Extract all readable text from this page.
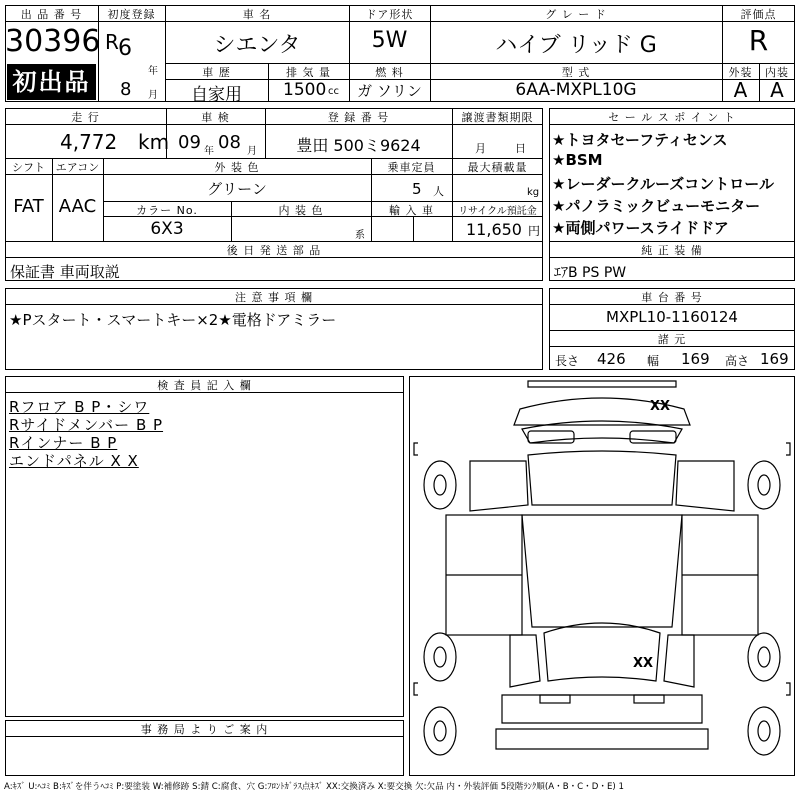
出 品 番 号
30396
初出品
初度登録
R 6
年
8 月
車 名
シエンタ
ドア形状
5W
グ レ ー ド
ハイブ リッド G
評価点
R
外装	内装
A	A
車 歴
自家用
排 気 量
1500 cc
燃 料
ガ ソリン
型 式
6AA-MXPL10G
走 行
4,772 km
車 検
09 年 08 月
登 録 番 号
豊田 500ミ9624
譲渡書類期限
月	日
シフト
FAT
エアコン
AAC
外 装 色
グリーン
乗車定員
5 人
最大積載量
kg
カラー No.
6X3
内 装 色
系
輸 入 車	リサイクル預託金
11,650 円
後 日 発 送 部 品
保証書 車両取説
セ ー ル ス ポ イ ン ト
★トヨタセーフティセンス
★BSM
★レーダークルーズコントロール
★パノラミックビューモニター
★両側パワースライドドア
純 正 装 備
ｴｱB PS PW
注 意 事 項 欄
★Pスタート・スマートキー×2★電格ドアミラー
車 台 番 号
MXPL10-1160124
諸 元
長さ 426 幅 169 高さ 169
検 査 員 記 入 欄
Rフロア B P・シワ
Rサイドメンバー B P
Rインナー B P
エンドパネル X X
事 務 局 よ り ご 案 内
XX
XX
A:ｷｽﾞ U:ﾍｺﾐ B:ｷｽﾞを伴うﾍｺﾐ P:要塗装 W:補修跡 S:錆 C:腐食、穴 G:ﾌﾛﾝﾄｶﾞﾗｽ点ｷｽﾞ XX:交換済み X:要交換 欠:欠品 内・外装評価 5段階ﾗﾝｸ順(A・B・C・D・E) 1
